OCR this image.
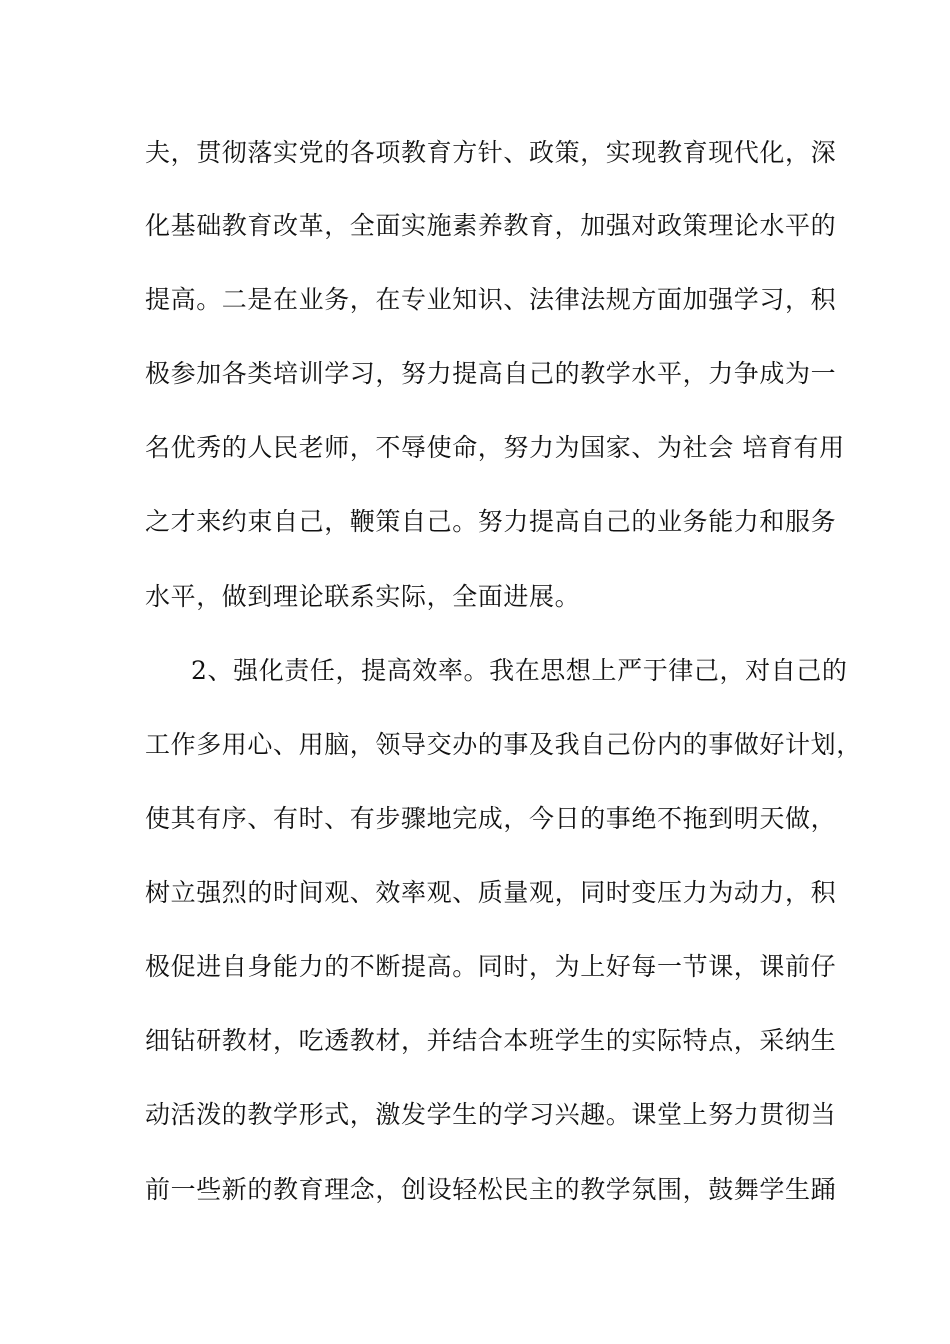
夫，贯彻落实党的各项教育方针、政策，实现教育现代化，深
化基础教育改革，全面实施素养教育，加强对政策理论水平的
提高。二是在业务，在专业知识、法律法规方面加强学习，积
极参加各类培训学习，努力提高自己的教学水平，力争成为一
名优秀的人民老师，不辱使命，努力为国家、为社会 培育有用
之才来约束自己，鞭策自己。努力提高自己的业务能力和服务
水平，做到理论联系实际，全面进展。
2、强化责任，提高效率。我在思想上严于律己，对自己的
工作多用心、用脑，领导交办的事及我自己份内的事做好计划，
使其有序、有时、有步骤地完成，今日的事绝不拖到明天做，
树立强烈的时间观、效率观、质量观，同时变压力为动力，积
极促进自身能力的不断提高。同时，为上好每一节课，课前仔
细钻研教材，吃透教材，并结合本班学生的实际特点，采纳生
动活泼的教学形式，激发学生的学习兴趣。课堂上努力贯彻当
前一些新的教育理念，创设轻松民主的教学氛围，鼓舞学生踊
